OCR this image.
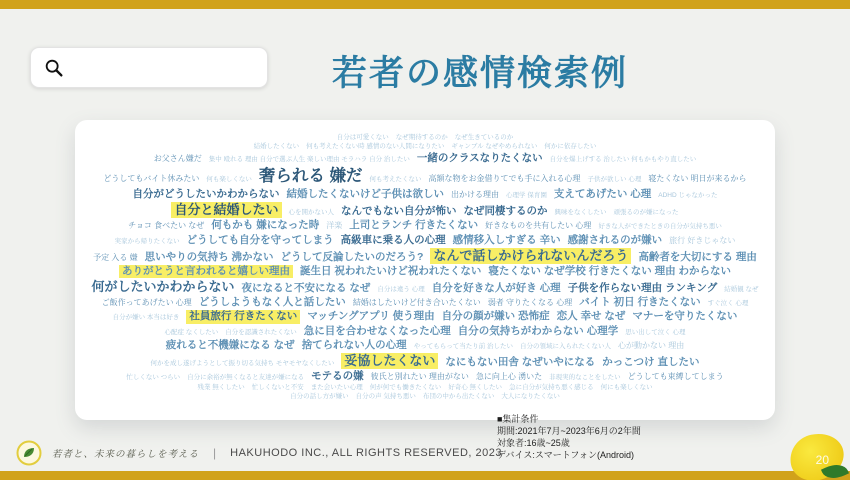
若者の感情検索例
自分は可愛くない なぜ期待するのか なぜ生きているのか
結婚したくない 何も考えたくない時 感情のない人間になりたい ギャンブル なぜやめられない 何かに依存したい
お父さん嫌だ 集中 殴れる 理由 自分で選ぶ人生 楽しい理由 モラハラ 自分 治したい 一緒のクラスなりたくない 自分を爆上げする 治したい 何もかもやり直したい
どうしてもバイト休みたい 何も楽しくない 奢られる 嫌だ 何も考えたくない 高額な物をお金借りてでも手に入れる心理 子供が欲しい 心理 寝たくない 明日が来るから
自分がどうしたいかわからない 結婚したくないけど子供は欲しい 出かける理由 心理学 保育園 支えてあげたい 心理 ADHD じゃなかった
自分と結婚したい	心を開かない人 なんでもない自分が怖い なぜ同棲するのか 興味をなくしたい 頑張るのが嫌になった
チョコ 食べたい なぜ 何もかも 嫌になった時 洋楽 上司とランチ 行きたくない 好きなものを共有したい 心理 好きな人ができたときの自分が気持ち悪い
実家から帰りたくない どうしても自分を守ってしまう 高級車に乗る人の心理 感情移入しすぎる 辛い 感謝されるのが嫌い 旅行 好きじゃない
予定 入る 嫌 思いやりの気持ち 沸かない どうして反論したいのだろう? なんで話しかけられないんだろう 高齢者を大切にする 理由
ありがとうと言われると嬉しい理由 誕生日 祝われたいけど祝われたくない 寝たくない なぜ学校 行きたくない 理由 わからない
何がしたいかわからない 夜になると不安になる なぜ 自分は違う 心理 自分を好きな人が好き 心理 子供を作らない理由 ランキング 結婚観 なぜ
ご飯作ってあげたい 心理 どうしようもなく人と話したい 結婚はしたいけど付き合いたくない 弱者 守りたくなる 心理 バイト 初日 行きたくない すぐ泣く 心理
自分が嫌い 本当は好き 社員旅行 行きたくない マッチングアプリ 使う理由 自分の顔が嫌い 恐怖症 恋人 幸せ なぜ マナーを守りたくない
心配症 なくしたい 自分を認識されたくない 急に目を合わせなくなった心理 自分の気持ちがわからない 心理学 思い出して泣く 心理
疲れると不機嫌になる なぜ 捨てられない人の心理 やってもらって当たり前 治したい 自分の領域に入られたくない人 心が動かない 理由
何かを成し遂げようとして振り切る気持ち モヤモヤなくしたい 妥協したくない なにもない田舎 なぜいやになる かっこつけ 直したい
忙しくない つらい 自分に余裕が無くなると友達が嫌になる モテるの嫌 彼氏と別れたい 理由がない 急に向上心 湧いた 非現実的なことをしたい どうしても束縛してしまう
残業 無くしたい 忙しくないと不安 また会いたい心理 何が何でも働きたくない 好奇心 無くしたい 急に自分が気持ち悪く感じる 何にも楽しくない
自分の話し方が嫌い 自分の声 気持ち悪い 布団の中から出たくない 大人になりたくない
■集計条件
期間:2021年7月~2023年6月の2年間
対象者:16歳~25歳
デバイス:スマートフォン(Android)
若者と、未来の暮らしを考える | HAKUHODO INC., ALL RIGHTS RESERVED, 2023	20
